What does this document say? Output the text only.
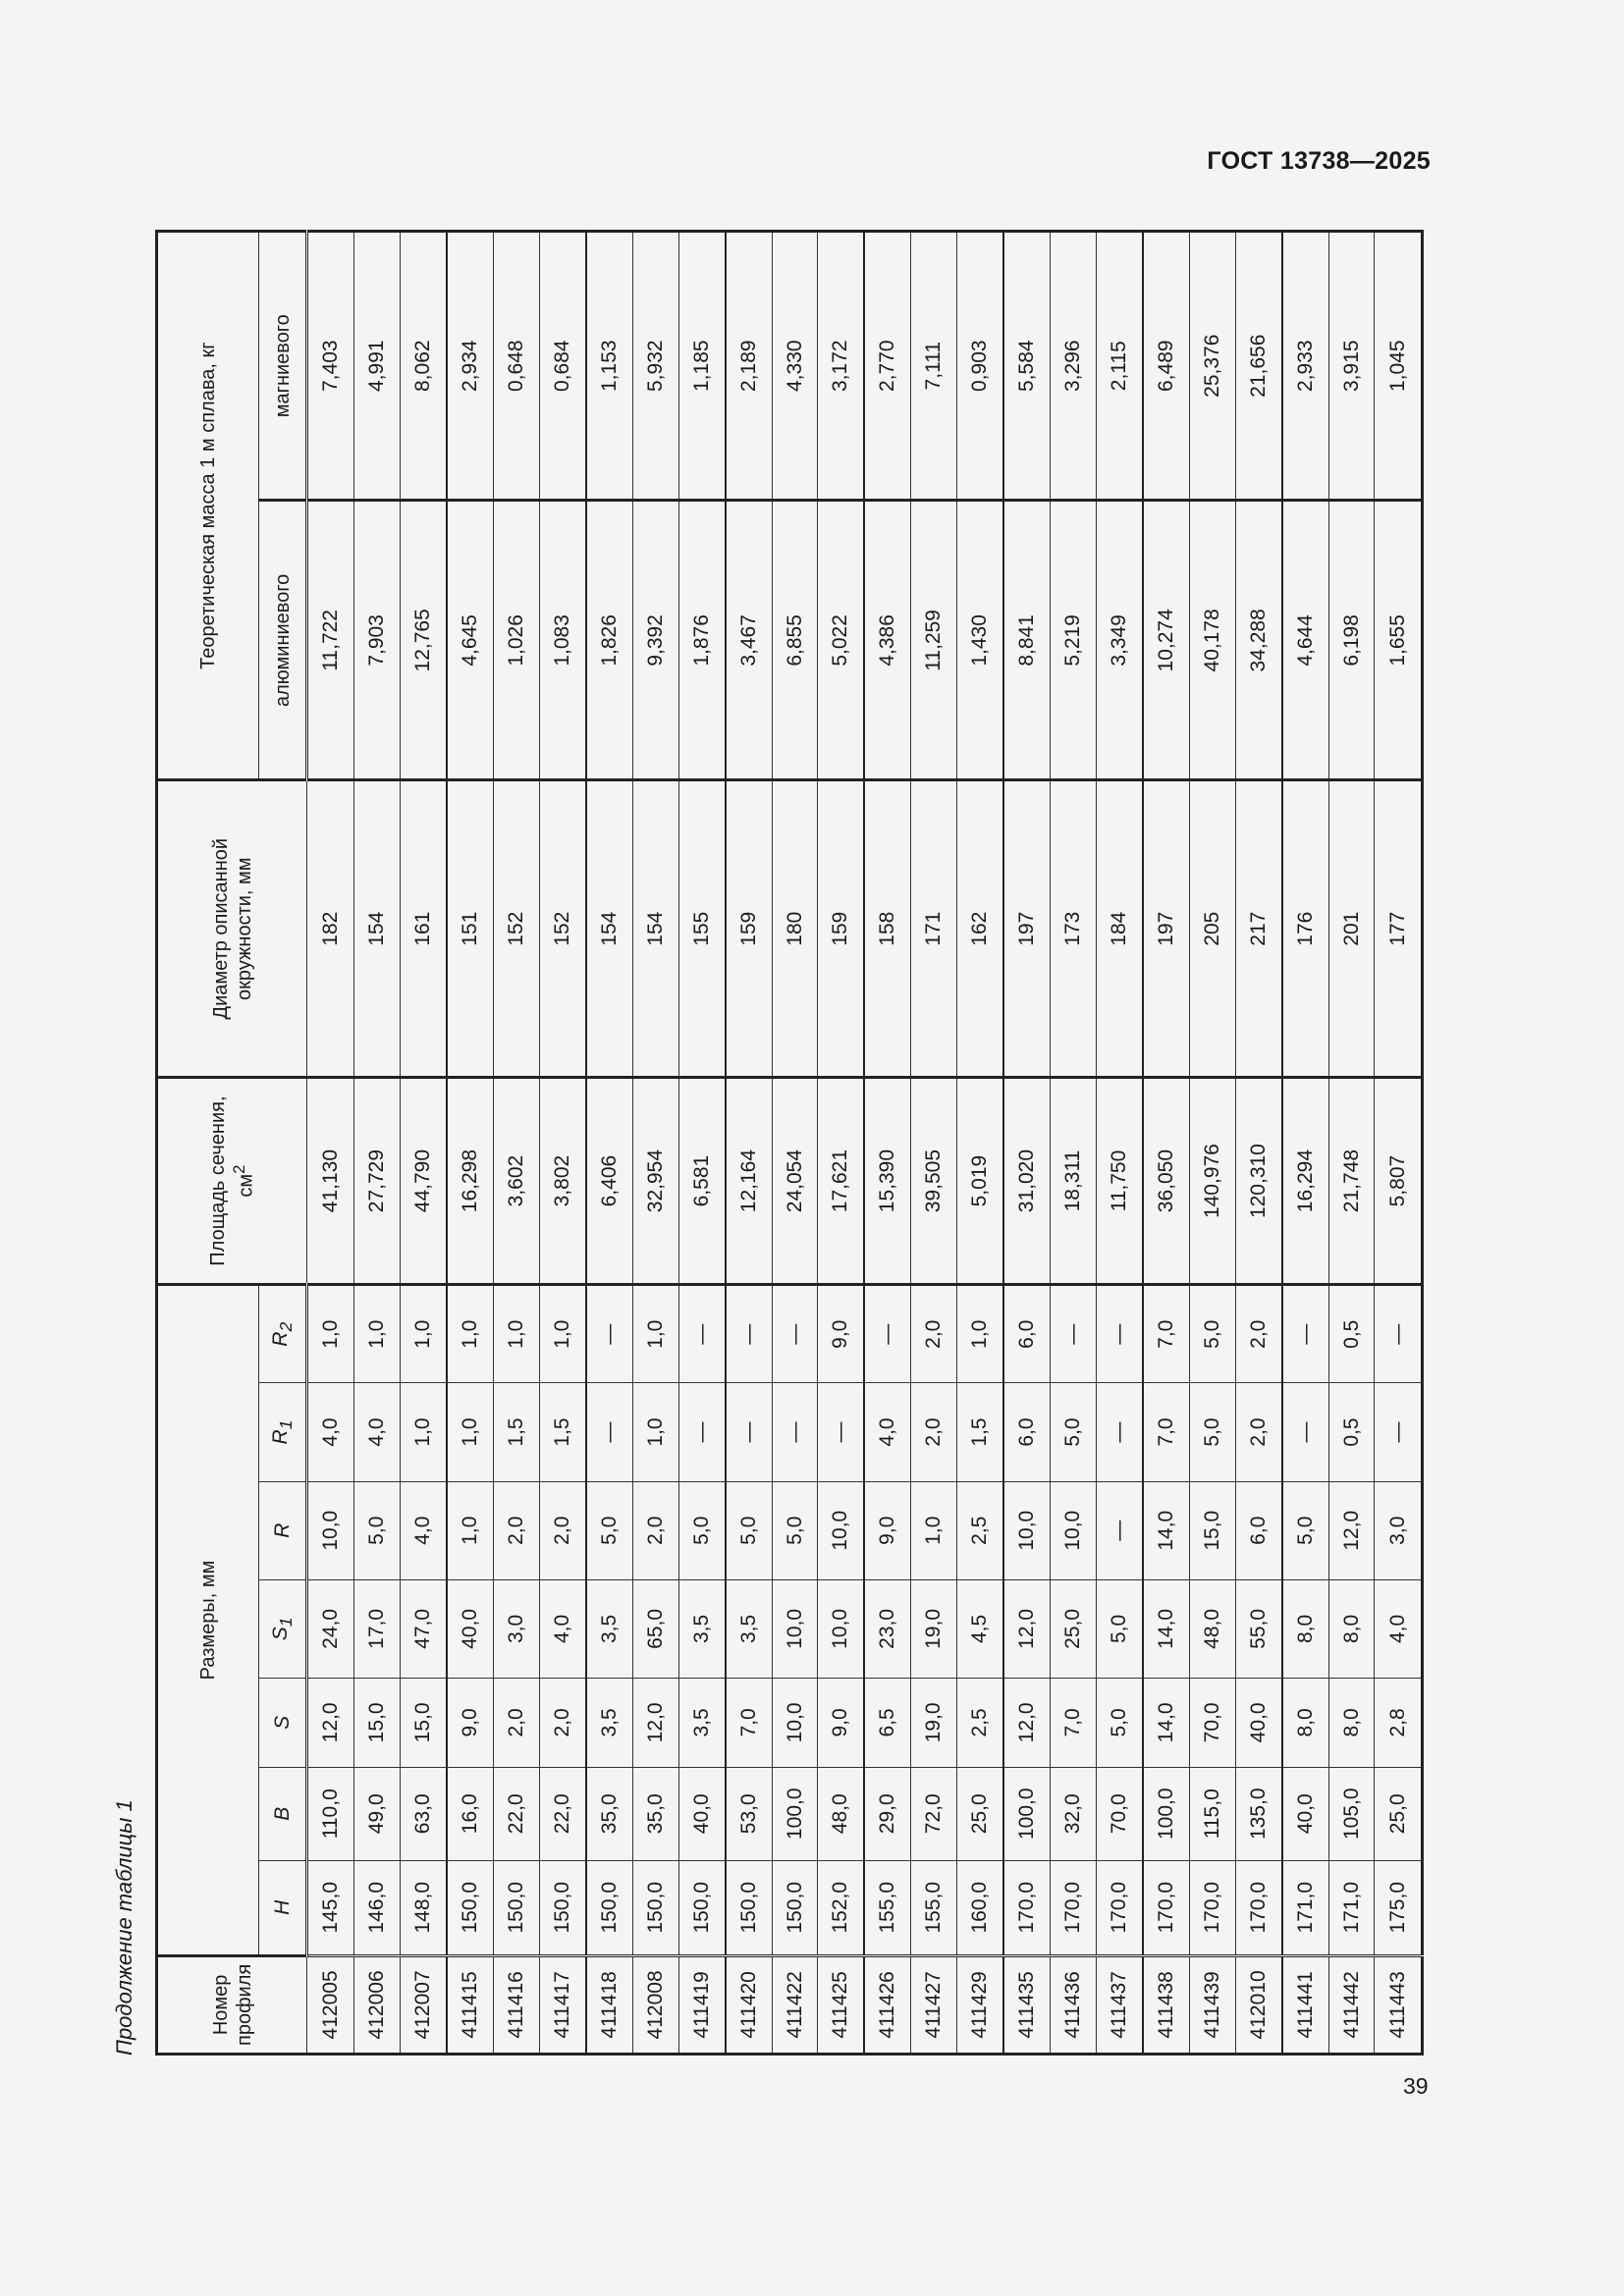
ГОСТ 13738—2025
Продолжение таблицы 1	Номер профиля	Размеры, мм							Площадь сечения, $см^2$	Диаметр описанной окружности, мм	Теоретическая масса 1 м сплава, кг	
	H	B	S	$S_1$	R	$R_1$	$R_2$			алюминиевого	магниевого
412005	145,0	110,0	12,0	24,0	10,0	4,0	1,0	41,130	182	11,722	7,403
412006	146,0	49,0	15,0	17,0	5,0	4,0	1,0	27,729	154	7,903	4,991
412007	148,0	63,0	15,0	47,0	4,0	1,0	1,0	44,790	161	12,765	8,062
411415	150,0	16,0	9,0	40,0	1,0	1,0	1,0	16,298	151	4,645	2,934
411416	150,0	22,0	2,0	3,0	2,0	1,5	1,0	3,602	152	1,026	0,648
411417	150,0	22,0	2,0	4,0	2,0	1,5	1,0	3,802	152	1,083	0,684
411418	150,0	35,0	3,5	3,5	5,0	—	—	6,406	154	1,826	1,153
412008	150,0	35,0	12,0	65,0	2,0	1,0	1,0	32,954	154	9,392	5,932
411419	150,0	40,0	3,5	3,5	5,0	—	—	6,581	155	1,876	1,185
411420	150,0	53,0	7,0	3,5	5,0	—	—	12,164	159	3,467	2,189
411422	150,0	100,0	10,0	10,0	5,0	—	—	24,054	180	6,855	4,330
411425	152,0	48,0	9,0	10,0	10,0	—	9,0	17,621	159	5,022	3,172
411426	155,0	29,0	6,5	23,0	9,0	4,0	—	15,390	158	4,386	2,770
411427	155,0	72,0	19,0	19,0	1,0	2,0	2,0	39,505	171	11,259	7,111
411429	160,0	25,0	2,5	4,5	2,5	1,5	1,0	5,019	162	1,430	0,903
411435	170,0	100,0	12,0	12,0	10,0	6,0	6,0	31,020	197	8,841	5,584
411436	170,0	32,0	7,0	25,0	10,0	5,0	—	18,311	173	5,219	3,296
411437	170,0	70,0	5,0	5,0	—	—	—	11,750	184	3,349	2,115
411438	170,0	100,0	14,0	14,0	14,0	7,0	7,0	36,050	197	10,274	6,489
411439	170,0	115,0	70,0	48,0	15,0	5,0	5,0	140,976	205	40,178	25,376
412010	170,0	135,0	40,0	55,0	6,0	2,0	2,0	120,310	217	34,288	21,656
411441	171,0	40,0	8,0	8,0	5,0	—	—	16,294	176	4,644	2,933
411442	171,0	105,0	8,0	8,0	12,0	0,5	0,5	21,748	201	6,198	3,915
411443	175,0	25,0	2,8	4,0	3,0	—	—	5,807	177	1,655	1,045
39
